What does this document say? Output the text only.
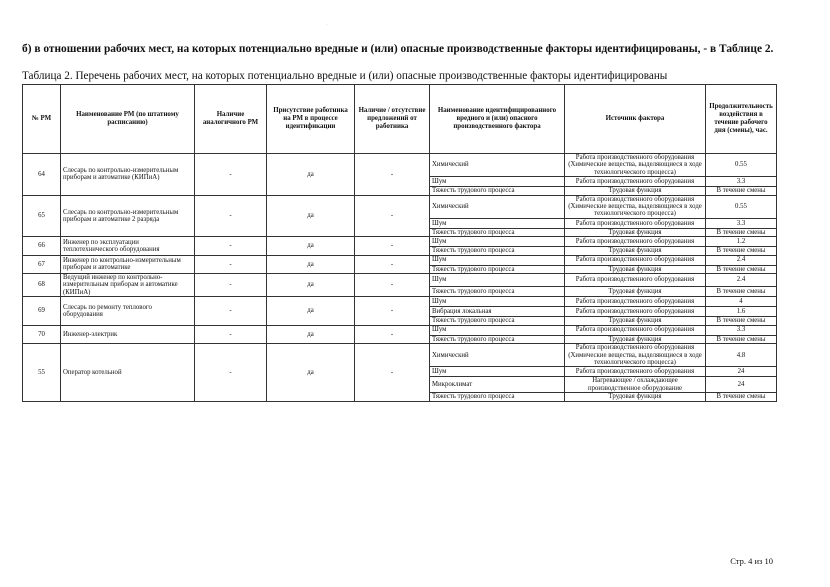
б) в отношении рабочих мест, на которых потенциально вредные и (или) опасные производственные факторы идентифицированы, - в Таблице 2.
Таблица 2. Перечень рабочих мест, на которых потенциально вредные и (или) опасные производственные факторы идентифицированы
№ РМ	Наименование РМ (по штатному расписанию)	Наличие аналогичного РМ	Присутствие работника на РМ в процессе идентификации	Наличие / отсутствие предложений от работника	Наименование идентифицированного вредного и (или) опасного производственного фактора	Источник фактора	Продолжительность воздействия в течение рабочего дня (смены), час.
64	Слесарь по контрольно-измерительным приборам и автоматике (КИПиА)	-	да	-	Химический	Работа производственного оборудования (Химические вещества, выделяющиеся в ходе технологического процесса)	0.55
					Шум	Работа производственного оборудования	3.3
					Тяжесть трудового процесса	Трудовая функция	В течение смены
65	Слесарь по контрольно-измерительным приборам и автоматике 2 разряда	-	да	-	Химический	Работа производственного оборудования (Химические вещества, выделяющиеся в ходе технологического процесса)	0.55
					Шум	Работа производственного оборудования	3.3
					Тяжесть трудового процесса	Трудовая функция	В течение смены
66	Инженер по эксплуатации теплотехнического оборудования	-	да	-	Шум	Работа производственного оборудования	1.2
					Тяжесть трудового процесса	Трудовая функция	В течение смены
67	Инженер по контрольно-измерительным приборам и автоматике	-	да	-	Шум	Работа производственного оборудования	2.4
					Тяжесть трудового процесса	Трудовая функция	В течение смены
68	Ведущий инженер по контрольно-измерительным приборам и автоматике (КИПиА)	-	да	-	Шум	Работа производственного оборудования	2.4
					Тяжесть трудового процесса	Трудовая функция	В течение смены
69	Слесарь по ремонту теплового оборудования	-	да	-	Шум	Работа производственного оборудования	4
					Вибрация локальная	Работа производственного оборудования	1.6
					Тяжесть трудового процесса	Трудовая функция	В течение смены
70	Инженер-электрик	-	да	-	Шум	Работа производственного оборудования	3.3
					Тяжесть трудового процесса	Трудовая функция	В течение смены
55	Оператор котельной	-	да	-	Химический	Работа производственного оборудования (Химические вещества, выделяющиеся в ходе технологического процесса)	4.8
					Шум	Работа производственного оборудования	24
					Микроклимат	Нагревающее / охлаждающее производственное оборудование	24
					Тяжесть трудового процесса	Трудовая функция	В течение смены
Стр. 4 из 10
·
